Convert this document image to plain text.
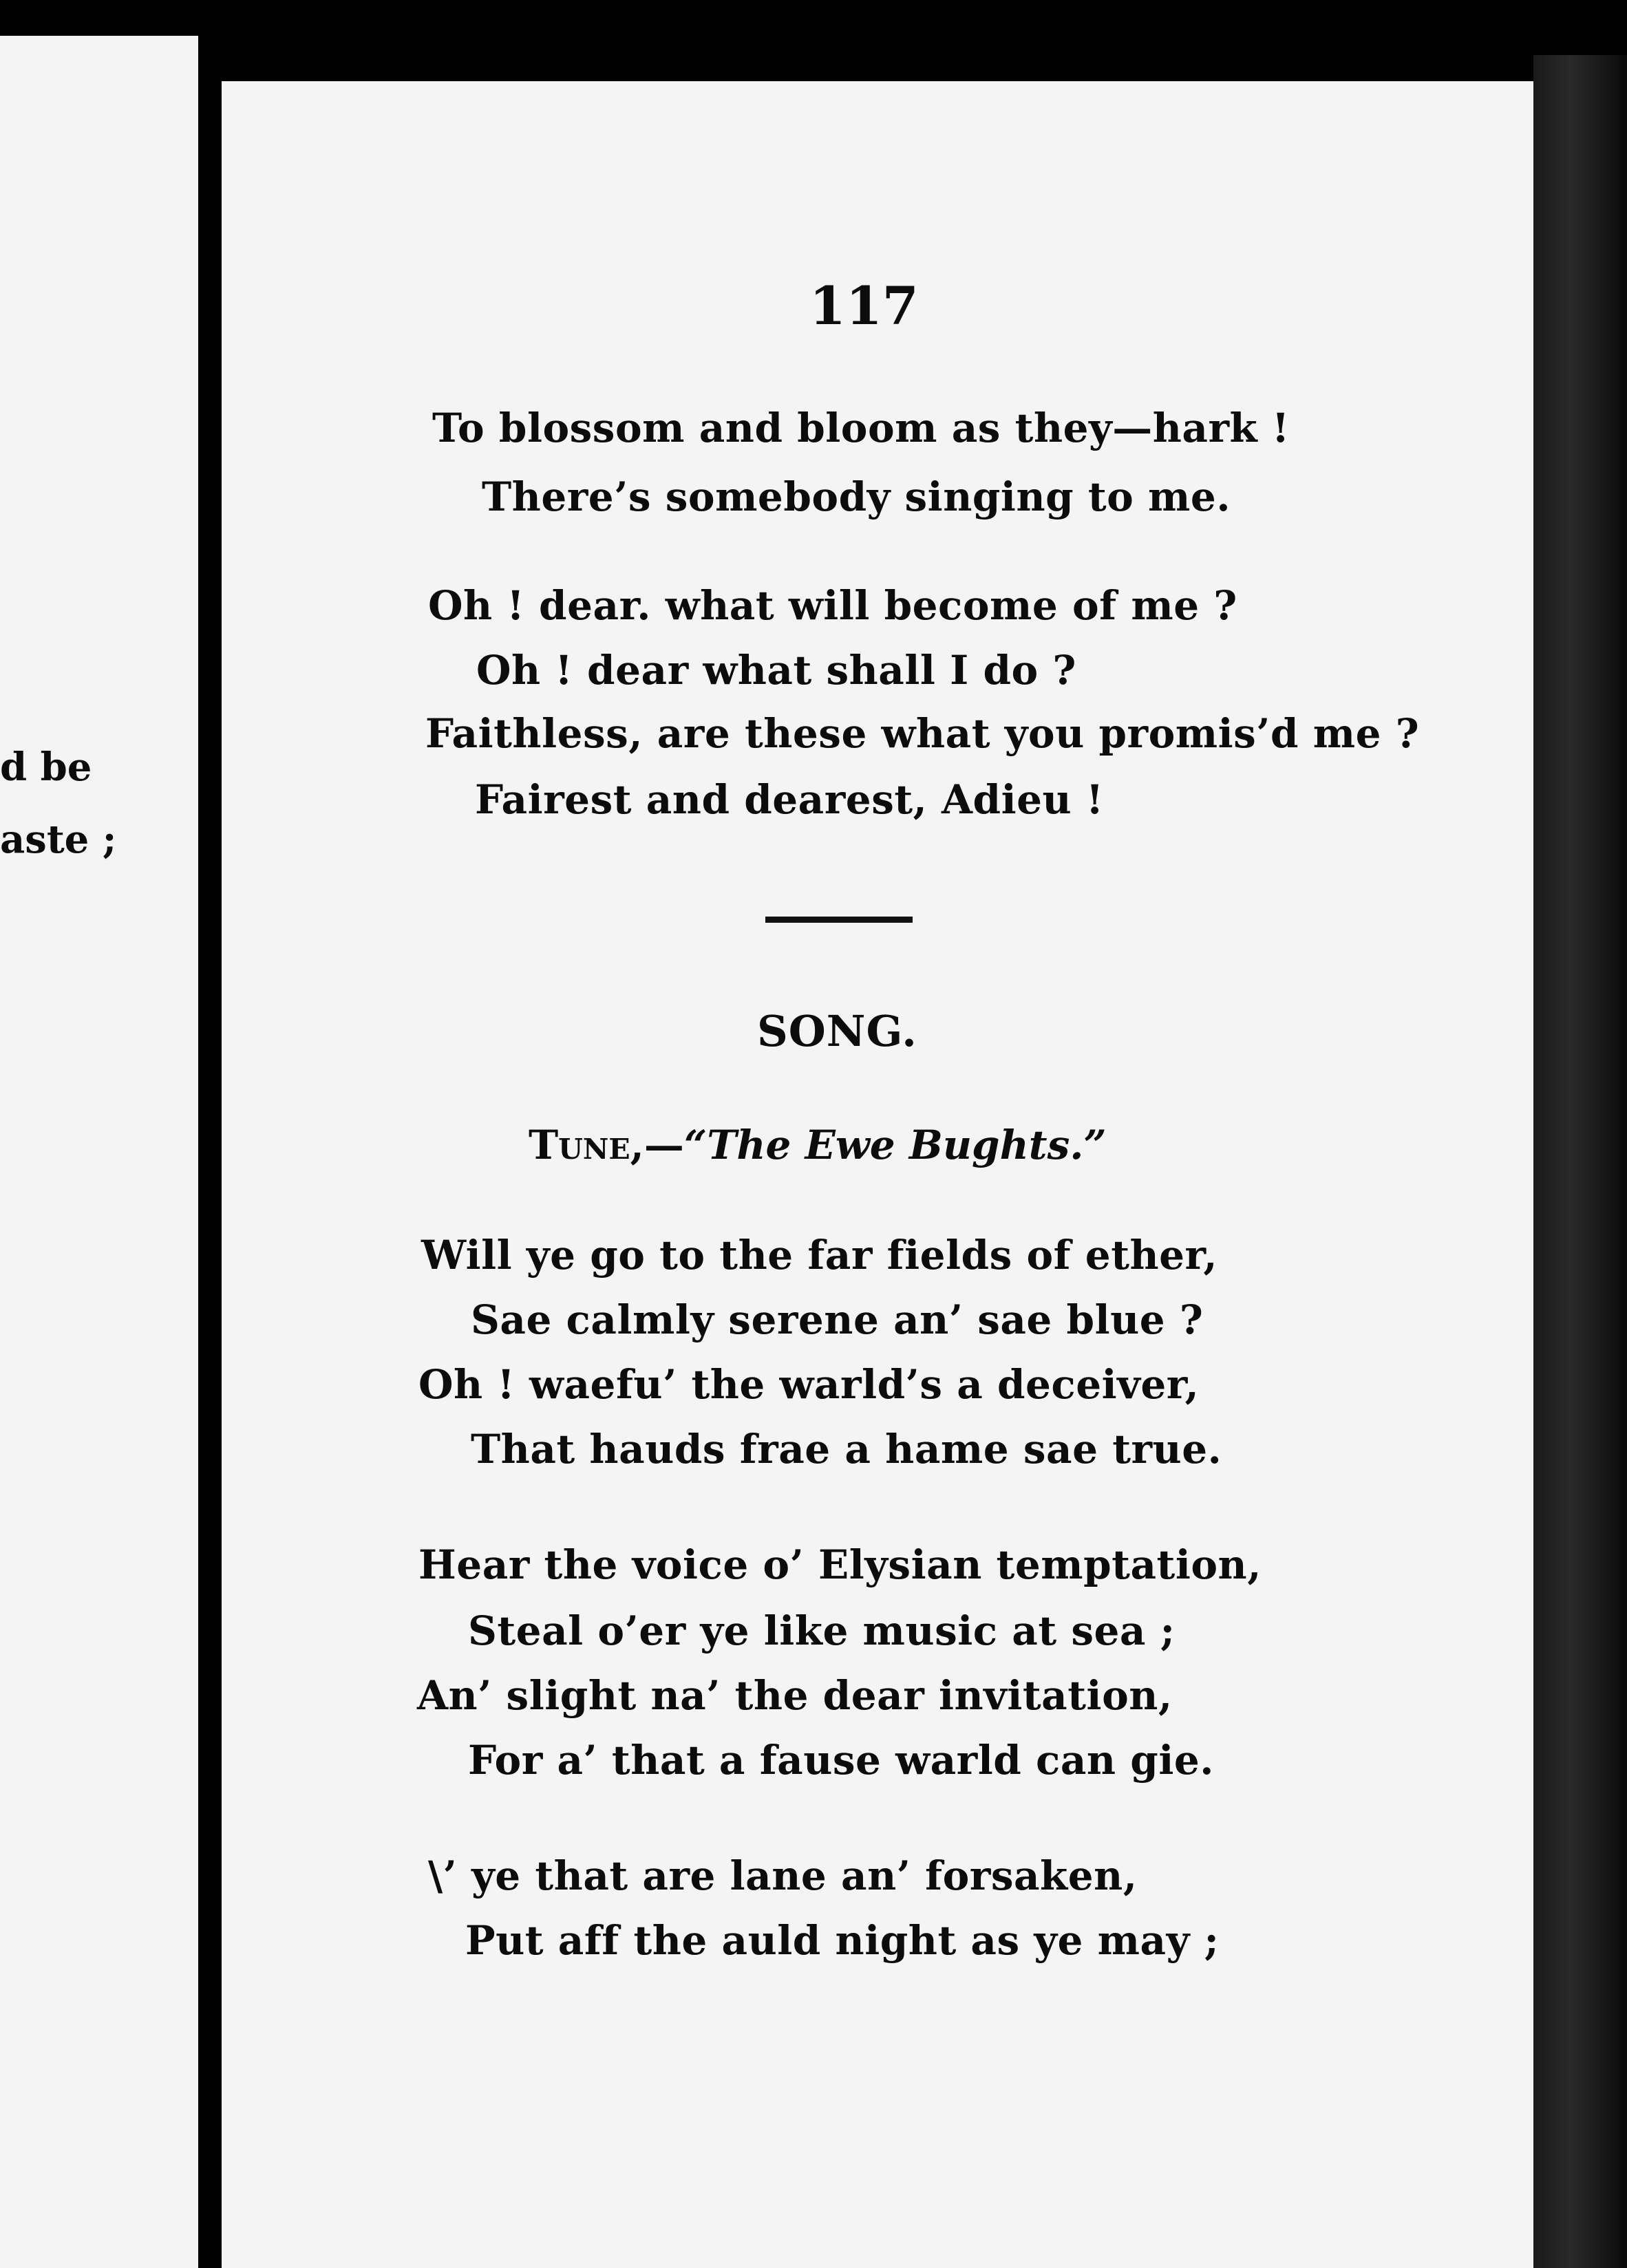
d be

aste ;

117

To blossom and bloom as they—hark !

There’s somebody singing to me.

Oh ! dear. what will become of me ?

Oh ! dear what shall I do ?

Faithless, are these what you promis’d me ?

Fairest and dearest, Adieu !

SONG.

Tune,—“The Ewe Bughts.”

Will ye go to the far fields of ether,

Sae calmly serene an’ sae blue ?

Oh ! waefu’ the warld’s a deceiver,

That hauds frae a hame sae true.

Hear the voice o’ Elysian temptation,

Steal o’er ye like music at sea ;

An’ slight na’ the dear invitation,

For a’ that a fause warld can gie.

\’ ye that are lane an’ forsaken,

Put aff the auld night as ye may ;
